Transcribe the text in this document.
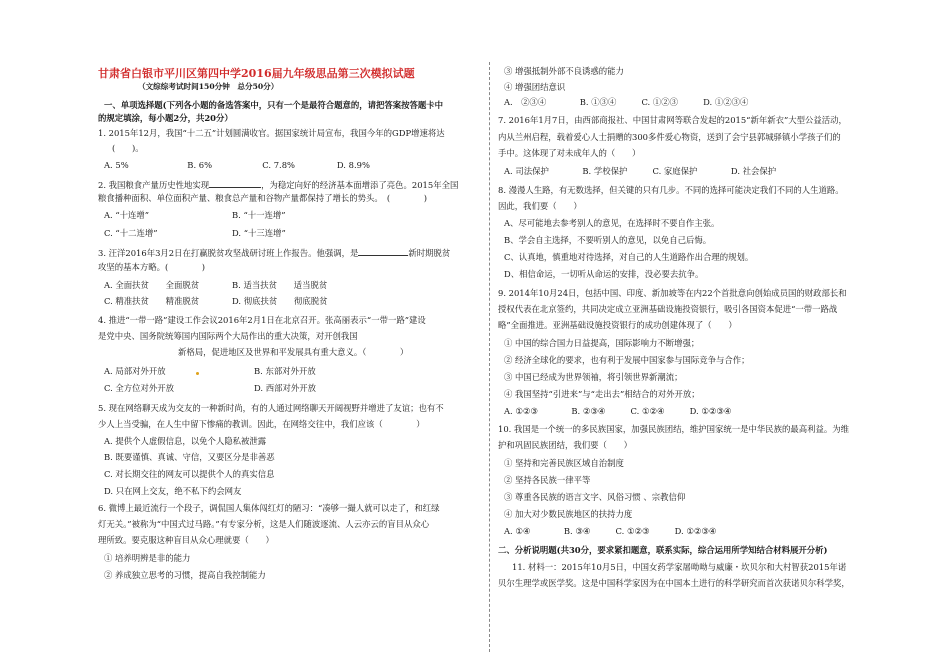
甘肃省白银市平川区第四中学2016届九年级思品第三次模拟试题
（文综综考试时间150分钟　总分50分）
一、单项选择题(下列各小题的备选答案中，只有一个是最符合题意的，请把答案按答题卡中
的规定填涂，每小题2分，共20分）
1. 2015年12月，我国“十二五”计划圆满收官。据国家统计局宣布，我国今年的GDP增速将达
(　　)。
A. 5%　　　　　　　B. 6%　　　　　　C. 7.8%　　　　　D. 8.9%
2. 我国粮食产量历史性地实现	，为稳定向好的经济基本面增添了亮色。2015年全国
粮食播种面积、单位面积产量、粮食总产量和谷物产量都保持了增长的势头。　(　　　　)
A. “十连增”	B. “十一连增”
C. “十二连增”	D. “十三连增”
3. 汪洋2016年3月2日在打赢脱贫攻坚战研讨班上作报告。他强调，是	新时期脱贫
攻坚的基本方略。(　　　　)
A. 全面扶贫　　全面脱贫	B. 适当扶贫　　适当脱贫
C. 精准扶贫　　精准脱贫	D. 彻底扶贫　　彻底脱贫
4. 推进“一带一路”建设工作会议2016年2月1日在北京召开。张高丽表示“一带一路”建设
是党中央、国务院统筹国内国际两个大局作出的重大决策，对开创我国
新格局，促进地区及世界和平发展具有重大意义。（　　　　）
A. 局部对外开放	B. 东部对外开放
C. 全方位对外开放	D. 西部对外开放
5. 现在网络聊天成为交友的一种新时尚，有的人通过网络聊天开阔视野并增进了友谊；也有不
少人上当受骗，在人生中留下惨痛的教训。因此，在网络交往中，我们应该（　　　　）
A. 提供个人虚假信息，以免个人隐私被泄露
B. 既要谨慎、真诚、守信，又要区分是非善恶
C. 对长期交往的网友可以提供个人的真实信息
D. 只在网上交友，绝不私下约会网友
6. 微博上最近流行一个段子，调侃国人集体闯红灯的陋习：“凑够一撮人就可以走了，和红绿
灯无关。”被称为“中国式过马路。”有专家分析，这是人们随波逐流、人云亦云的盲目从众心
理所致。要克服这种盲目从众心理就要（　　）
① 培养明辨是非的能力
② 养成独立思考的习惯，提高自我控制能力
③ 增强抵制外部不良诱惑的能力
④ 增强团结意识
A.　②③④　　　　B. ①③④　　　C. ①②③　　　D. ①②③④
7. 2016年1月7日，由西部商报社、中国甘肃网等联合发起的2015“新年新衣”大型公益活动，
内从兰州启程，载着爱心人士捐赠的300多件爱心物资，送到了会宁县郭城驿镇小学孩子们的
手中。这体现了对未成年人的（　　）
A. 司法保护　　　　B. 学校保护　　　C. 家庭保护　　　　D. 社会保护
8. 漫漫人生路，有无数选择，但关键的只有几步。不同的选择可能决定我们不同的人生道路。
因此，我们要（　　）
A、尽可能地去参考别人的意见，在选择时不要自作主张。
B、学会自主选择，不要听别人的意见，以免自己后悔。
C、认真地，慎重地对待选择，对自己的人生道路作出合理的规划。
D、相信命运，一切听从命运的安排，没必要去抗争。
9. 2014年10月24日，包括中国、印度、新加坡等在内22个首批意向创始成员国的财政部长和
授权代表在北京签约，共同决定成立亚洲基础设施投资银行，吸引各国资本促进“一带一路战
略”全面推进。亚洲基础设施投资银行的成功创建体现了（　　）
① 中国的综合国力日益提高，国际影响力不断增强；
② 经济全球化的要求，也有利于发展中国家参与国际竞争与合作；
③ 中国已经成为世界领袖，将引领世界新潮流；
④ 我国坚持“引进来”与“走出去”相结合的对外开放；
A. ①②③　　　　B. ②③④　　　C. ①②④　　　D. ①②③④
10. 我国是一个统一的多民族国家，加强民族团结，维护国家统一是中华民族的最高利益。为维
护和巩固民族团结，我们要（　　）
① 坚持和完善民族区域自治制度
② 坚持各民族一律平等
③ 尊重各民族的语言文字、风俗习惯 、宗教信仰
④ 加大对少数民族地区的扶持力度
A. ①④　　　　B. ③④　　　C. ①②③　　　D. ①②③④
二、分析说明题(共30分，要求紧扣题意，联系实际，综合运用所学知结合材料展开分析)
11. 材料一：2015年10月5日，中国女药学家屠呦呦与威廉・坎贝尔和大村智获2015年诺
贝尔生理学或医学奖。这是中国科学家因为在中国本土进行的科学研究而首次获诺贝尔科学奖，
